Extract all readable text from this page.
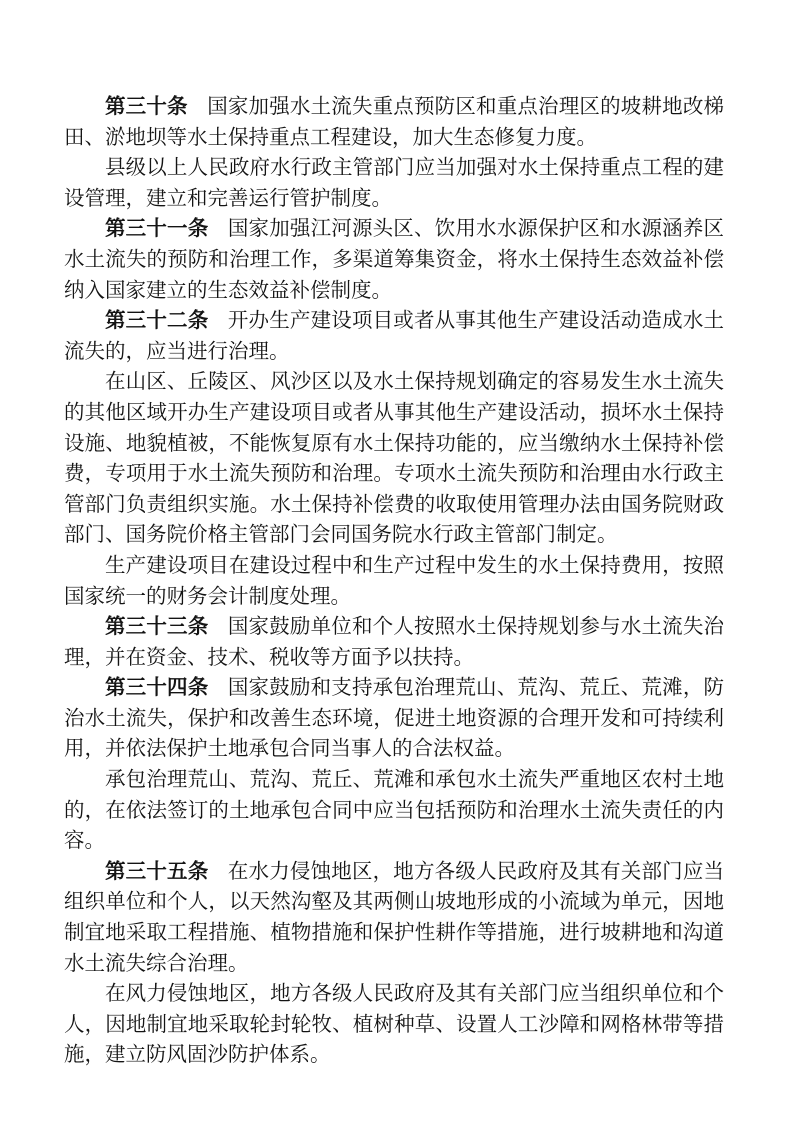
第三十条 国家加强水土流失重点预防区和重点治理区的坡耕地改梯田、淤地坝等水土保持重点工程建设，加大生态修复力度。

县级以上人民政府水行政主管部门应当加强对水土保持重点工程的建设管理，建立和完善运行管护制度。

第三十一条 国家加强江河源头区、饮用水水源保护区和水源涵养区水土流失的预防和治理工作，多渠道筹集资金，将水土保持生态效益补偿纳入国家建立的生态效益补偿制度。

第三十二条 开办生产建设项目或者从事其他生产建设活动造成水土流失的，应当进行治理。

在山区、丘陵区、风沙区以及水土保持规划确定的容易发生水土流失的其他区域开办生产建设项目或者从事其他生产建设活动，损坏水土保持设施、地貌植被，不能恢复原有水土保持功能的，应当缴纳水土保持补偿费，专项用于水土流失预防和治理。专项水土流失预防和治理由水行政主管部门负责组织实施。水土保持补偿费的收取使用管理办法由国务院财政部门、国务院价格主管部门会同国务院水行政主管部门制定。

生产建设项目在建设过程中和生产过程中发生的水土保持费用，按照国家统一的财务会计制度处理。

第三十三条 国家鼓励单位和个人按照水土保持规划参与水土流失治理，并在资金、技术、税收等方面予以扶持。

第三十四条 国家鼓励和支持承包治理荒山、荒沟、荒丘、荒滩，防治水土流失，保护和改善生态环境，促进土地资源的合理开发和可持续利用，并依法保护土地承包合同当事人的合法权益。

承包治理荒山、荒沟、荒丘、荒滩和承包水土流失严重地区农村土地的，在依法签订的土地承包合同中应当包括预防和治理水土流失责任的内容。

第三十五条 在水力侵蚀地区，地方各级人民政府及其有关部门应当组织单位和个人，以天然沟壑及其两侧山坡地形成的小流域为单元，因地制宜地采取工程措施、植物措施和保护性耕作等措施，进行坡耕地和沟道水土流失综合治理。

在风力侵蚀地区，地方各级人民政府及其有关部门应当组织单位和个人，因地制宜地采取轮封轮牧、植树种草、设置人工沙障和网格林带等措施，建立防风固沙防护体系。
